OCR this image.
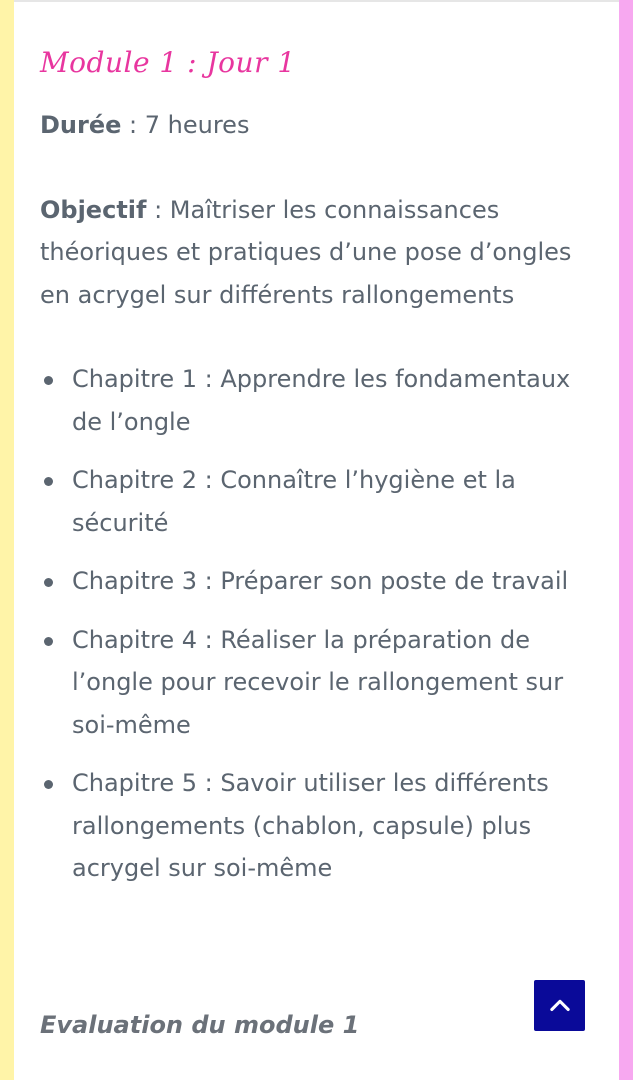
Module 1 : Jour 1

Durée : 7 heures

Objectif : Maîtriser les connaissances théoriques et pratiques d’une pose d’ongles en acrygel sur différents rallongements

Chapitre 1 : Apprendre les fondamentaux de l’ongle
Chapitre 2 : Connaître l’hygiène et la sécurité
Chapitre 3 : Préparer son poste de travail
Chapitre 4 : Réaliser la préparation de l’ongle pour recevoir le rallongement sur soi-même
Chapitre 5 : Savoir utiliser les différents rallongements (chablon, capsule) plus acrygel sur soi-même

Evaluation du module 1
